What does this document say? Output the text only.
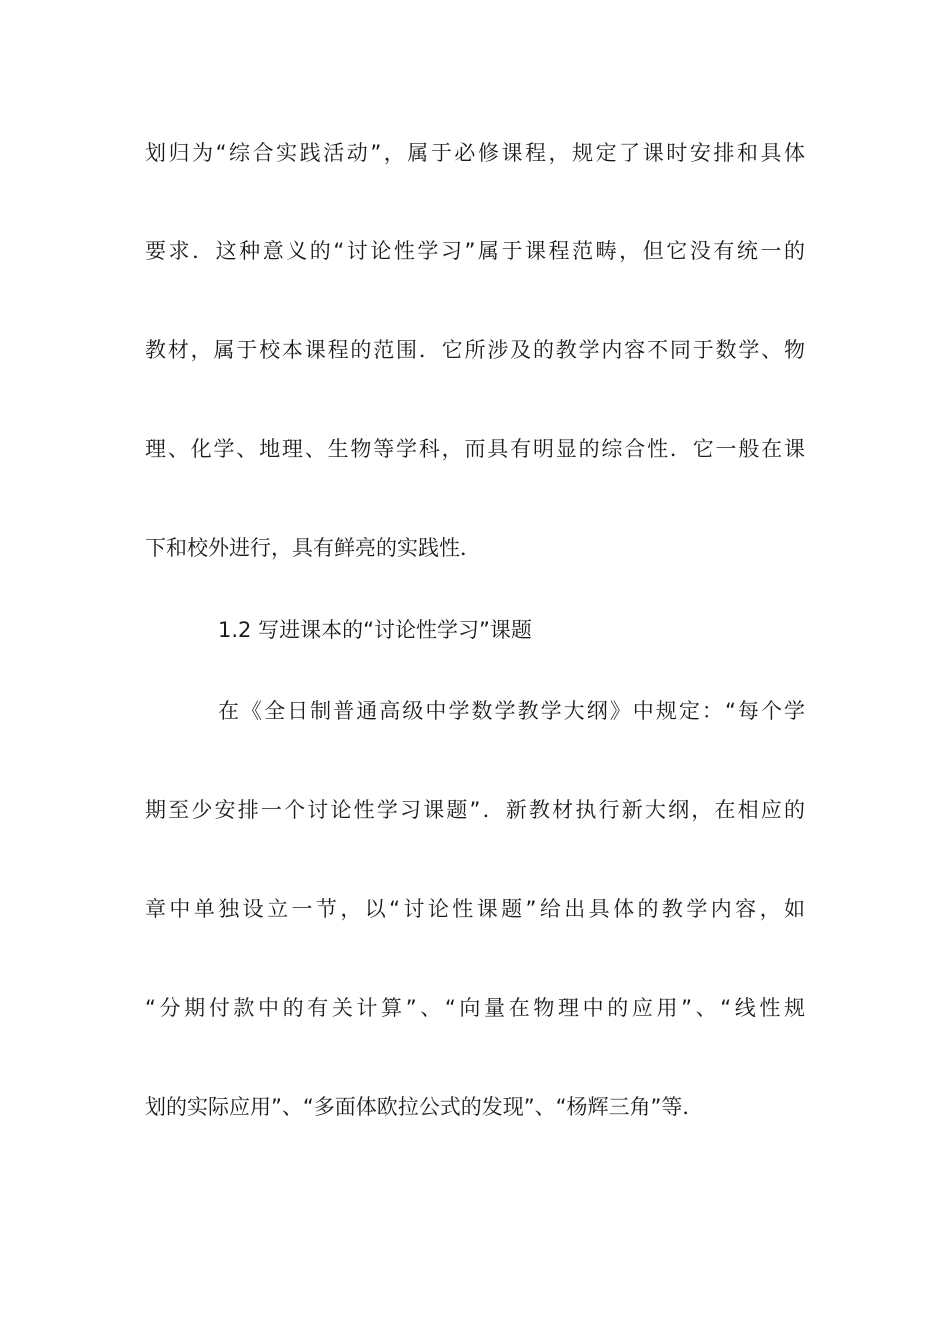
划归为“综合实践活动”，属于必修课程，规定了课时安排和具体
要求．这种意义的“讨论性学习”属于课程范畴，但它没有统一的
教材，属于校本课程的范围．它所涉及的教学内容不同于数学、物
理、化学、地理、生物等学科，而具有明显的综合性．它一般在课
下和校外进行，具有鲜亮的实践性．
1.2 写进课本的“讨论性学习”课题
在《全日制普通高级中学数学教学大纲》中规定：“每个学
期至少安排一个讨论性学习课题”．新教材执行新大纲，在相应的
章中单独设立一节，以“讨论性课题”给出具体的教学内容，如
“分期付款中的有关计算”、“向量在物理中的应用”、“线性规
划的实际应用”、“多面体欧拉公式的发现”、“杨辉三角”等．
